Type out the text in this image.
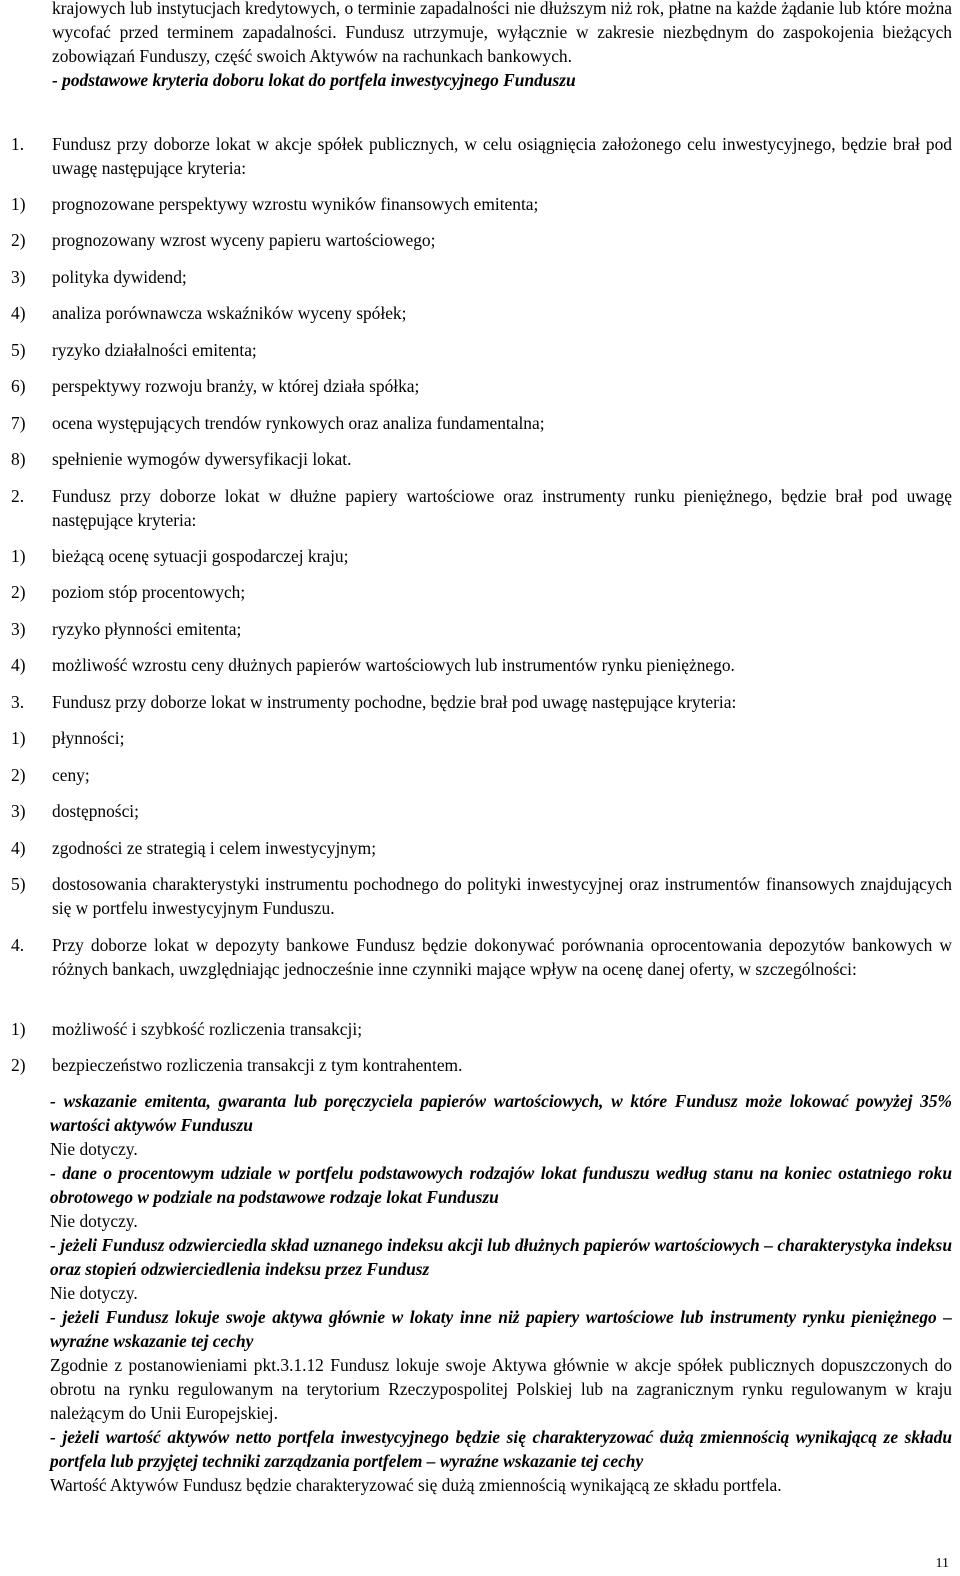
krajowych lub instytucjach kredytowych, o terminie zapadalności nie dłuższym niż rok, płatne na każde żądanie lub które można wycofać przed terminem zapadalności. Fundusz utrzymuje, wyłącznie w zakresie niezbędnym do zaspokojenia bieżących zobowiązań Funduszy, część swoich Aktywów na rachunkach bankowych.

- podstawowe kryteria doboru lokat do portfela inwestycyjnego Funduszu

1. Fundusz przy doborze lokat w akcje spółek publicznych, w celu osiągnięcia założonego celu inwestycyjnego, będzie brał pod uwagę następujące kryteria:
1) prognozowane perspektywy wzrostu wyników finansowych emitenta;
2) prognozowany wzrost wyceny papieru wartościowego;
3) polityka dywidend;
4) analiza porównawcza wskaźników wyceny spółek;
5) ryzyko działalności emitenta;
6) perspektywy rozwoju branży, w której działa spółka;
7) ocena występujących trendów rynkowych oraz analiza fundamentalna;
8) spełnienie wymogów dywersyfikacji lokat.
2. Fundusz przy doborze lokat w dłużne papiery wartościowe oraz instrumenty runku pieniężnego, będzie brał pod uwagę następujące kryteria:
1) bieżącą ocenę sytuacji gospodarczej kraju;
2) poziom stóp procentowych;
3) ryzyko płynności emitenta;
4) możliwość wzrostu ceny dłużnych papierów wartościowych lub instrumentów rynku pieniężnego.
3. Fundusz przy doborze lokat w instrumenty pochodne, będzie brał pod uwagę następujące kryteria:
1) płynności;
2) ceny;
3) dostępności;
4) zgodności ze strategią i celem inwestycyjnym;
5) dostosowania charakterystyki instrumentu pochodnego do polityki inwestycyjnej oraz instrumentów finansowych znajdujących się w portfelu inwestycyjnym Funduszu.
4. Przy doborze lokat w depozyty bankowe Fundusz będzie dokonywać porównania oprocentowania depozytów bankowych w różnych bankach, uwzględniając jednocześnie inne czynniki mające wpływ na ocenę danej oferty, w szczególności:
1) możliwość i szybkość rozliczenia transakcji;
2) bezpieczeństwo rozliczenia transakcji z tym kontrahentem.

- wskazanie emitenta, gwaranta lub poręczyciela papierów wartościowych, w które Fundusz może lokować powyżej 35% wartości aktywów Funduszu

Nie dotyczy.

- dane o procentowym udziale w portfelu podstawowych rodzajów lokat funduszu według stanu na koniec ostatniego roku obrotowego w podziale na podstawowe rodzaje lokat Funduszu

Nie dotyczy.

- jeżeli Fundusz odzwierciedla skład uznanego indeksu akcji lub dłużnych papierów wartościowych – charakterystyka indeksu oraz stopień odzwierciedlenia indeksu przez Fundusz

Nie dotyczy.

- jeżeli Fundusz lokuje swoje aktywa głównie w lokaty inne niż papiery wartościowe lub instrumenty rynku pieniężnego – wyraźne wskazanie tej cechy

Zgodnie z postanowieniami pkt.3.1.12 Fundusz lokuje swoje Aktywa głównie w akcje spółek publicznych dopuszczonych do obrotu na rynku regulowanym na terytorium Rzeczypospolitej Polskiej lub na zagranicznym rynku regulowanym w kraju należącym do Unii Europejskiej.

- jeżeli wartość aktywów netto portfela inwestycyjnego będzie się charakteryzować dużą zmiennością wynikającą ze składu portfela lub przyjętej techniki zarządzania portfelem – wyraźne wskazanie tej cechy

Wartość Aktywów Fundusz będzie charakteryzować się dużą zmiennością wynikającą ze składu portfela.

11
